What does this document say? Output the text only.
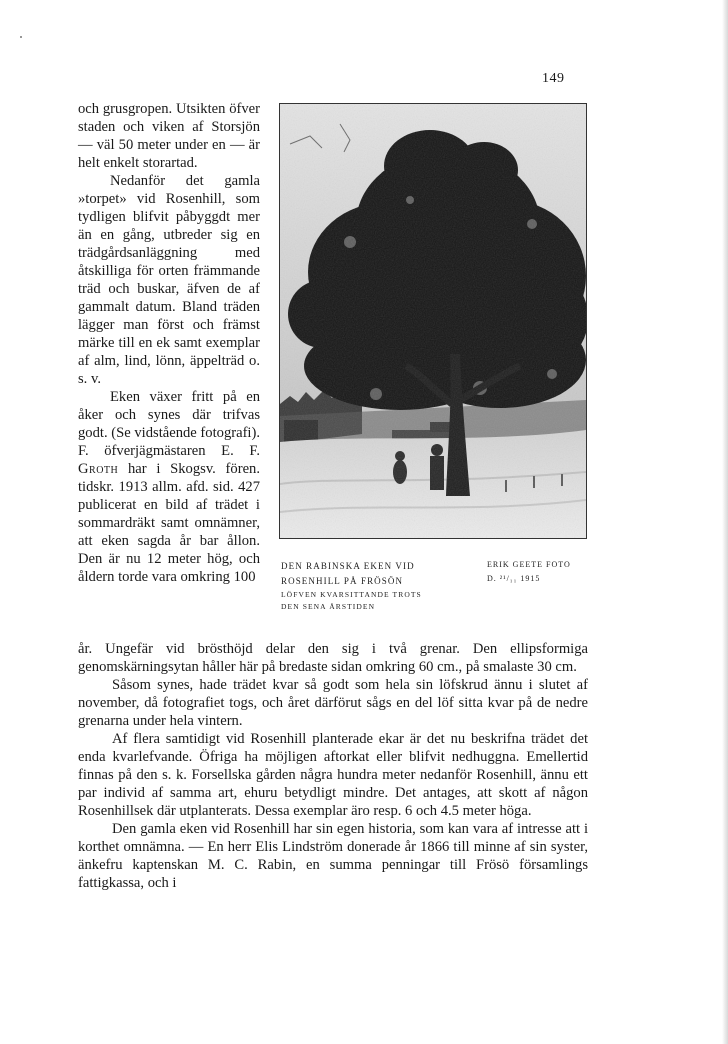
149

och grusgropen. Utsikten öfver staden och viken af Storsjön — väl 50 meter under en — är helt enkelt storartad.

Nedanför det gamla »torpet» vid Rosenhill, som tydligen blifvit påbyggdt mer än en gång, utbreder sig en trädgårdsanläggning med åtskilliga för orten främmande träd och buskar, äfven de af gammalt datum. Bland träden lägger man först och främst märke till en ek samt exemplar af alm, lind, lönn, äppelträd o. s. v.

Eken växer fritt på en åker och synes där trifvas godt. (Se vidstående fotografi). F. öfverjägmästaren E. F. Groth har i Skogsv. fören. tidskr. 1913 allm. afd. sid. 427 publicerat en bild af trädet i sommardräkt samt omnämner, att eken sagda år bar ållon. Den är nu 12 meter hög, och åldern torde vara omkring 100

DEN RABINSKA EKEN VID
ROSENHILL PÅ FRÖSÖN
LÖFVEN KVARSITTANDE TROTS
DEN SENA ÅRSTIDEN
ERIK GEETE FOTO
D. ²¹/₁₁ 1915

år. Ungefär vid brösthöjd delar den sig i två grenar. Den ellipsformiga genomskärningsytan håller här på bredaste sidan omkring 60 cm., på smalaste 30 cm.

Såsom synes, hade trädet kvar så godt som hela sin löfskrud ännu i slutet af november, då fotografiet togs, och året därförut sågs en del löf sitta kvar på de nedre grenarna under hela vintern.

Af flera samtidigt vid Rosenhill planterade ekar är det nu beskrifna trädet det enda kvarlefvande. Öfriga ha möjligen aftorkat eller blifvit nedhuggna. Emellertid finnas på den s. k. Forsellska gården några hundra meter nedanför Rosenhill, ännu ett par individ af samma art, ehuru betydligt mindre. Det antages, att skott af någon Rosenhillsek där utplanterats. Dessa exemplar äro resp. 6 och 4.5 meter höga.

Den gamla eken vid Rosenhill har sin egen historia, som kan vara af intresse att i korthet omnämna. — En herr Elis Lindström donerade år 1866 till minne af sin syster, änkefru kaptenskan M. C. Rabin, en summa penningar till Frösö församlings fattigkassa, och i
